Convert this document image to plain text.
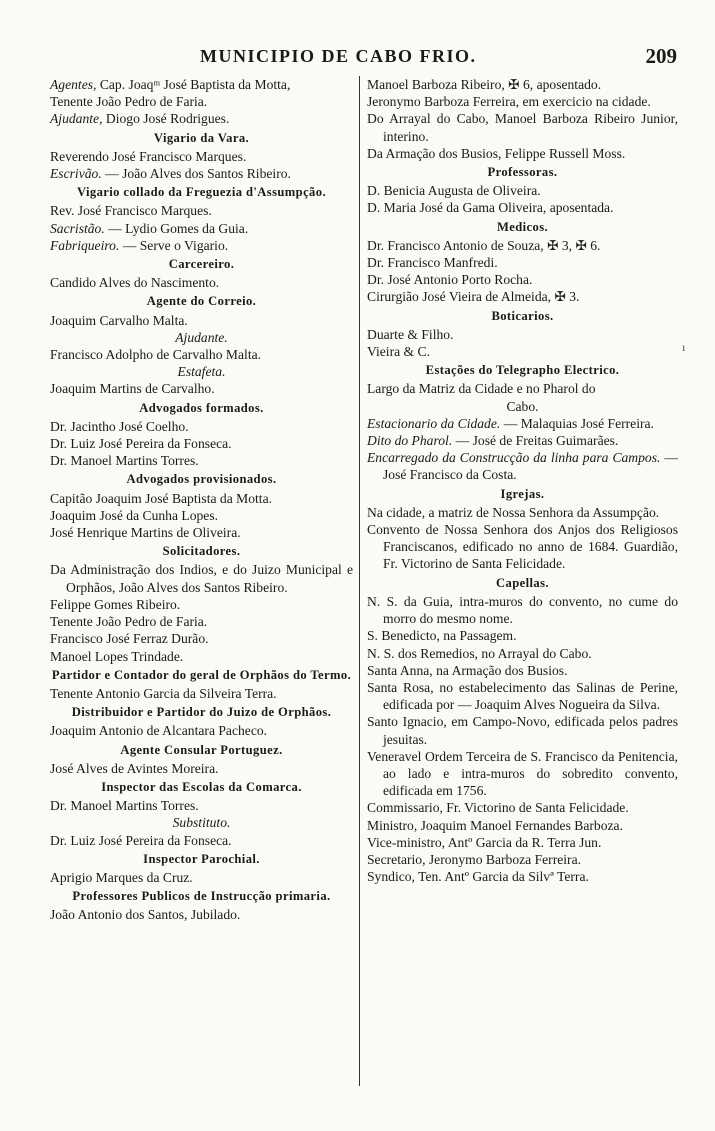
MUNICIPIO DE CABO FRIO.	209
Agentes, Cap. Joaqᵐ José Baptista da Motta,
Tenente João Pedro de Faria.
Ajudante, Diogo José Rodrigues.
Vigario da Vara.
Reverendo José Francisco Marques.
Escrivão. — João Alves dos Santos Ribeiro.
Vigario collado da Freguezia d'Assumpção.
Rev. José Francisco Marques.
Sacristão. — Lydio Gomes da Guia.
Fabriqueiro. — Serve o Vigario.
Carcereiro.
Candido Alves do Nascimento.
Agente do Correio.
Joaquim Carvalho Malta.
Ajudante.
Francisco Adolpho de Carvalho Malta.
Estafeta.
Joaquim Martins de Carvalho.
Advogados formados.
Dr. Jacintho José Coelho.
Dr. Luiz José Pereira da Fonseca.
Dr. Manoel Martins Torres.
Advogados provisionados.
Capitão Joaquim José Baptista da Motta.
Joaquim José da Cunha Lopes.
José Henrique Martins de Oliveira.
Solicitadores.
Da Administração dos Indios, e do Juizo Municipal e Orphãos, João Alves dos Santos Ribeiro.
Felippe Gomes Ribeiro.
Tenente João Pedro de Faria.
Francisco José Ferraz Durão.
Manoel Lopes Trindade.
Partidor e Contador do geral de Orphãos do Termo.
Tenente Antonio Garcia da Silveira Terra.
Distribuidor e Partidor do Juizo de Orphãos.
Joaquim Antonio de Alcantara Pacheco.
Agente Consular Portuguez.
José Alves de Avintes Moreira.
Inspector das Escolas da Comarca.
Dr. Manoel Martins Torres.
Substituto.
Dr. Luiz José Pereira da Fonseca.
Inspector Parochial.
Aprigio Marques da Cruz.
Professores Publicos de Instrucção primaria.
João Antonio dos Santos, Jubilado.
Manoel Barboza Ribeiro, ✠ 6, aposentado.
Jeronymo Barboza Ferreira, em exercicio na cidade.
Do Arrayal do Cabo, Manoel Barboza Ribeiro Junior, interino.
Da Armação dos Busios, Felippe Russell Moss.
Professoras.
D. Benicia Augusta de Oliveira.
D. Maria José da Gama Oliveira, aposentada.
Medicos.
Dr. Francisco Antonio de Souza, ✠ 3, ✠ 6.
Dr. Francisco Manfredi.
Dr. José Antonio Porto Rocha.
Cirurgião José Vieira de Almeida, ✠ 3.
Boticarios.
Duarte & Filho.
Vieira & C.
Estações do Telegrapho Electrico.
Largo da Matriz da Cidade e no Pharol do
Cabo.
Estacionario da Cidade. — Malaquias José Ferreira.
Dito do Pharol. — José de Freitas Guimarães.
Encarregado da Construcção da linha para Campos. — José Francisco da Costa.
Igrejas.
Na cidade, a matriz de Nossa Senhora da Assumpção.
Convento de Nossa Senhora dos Anjos dos Religiosos Franciscanos, edificado no anno de 1684. Guardião, Fr. Victorino de Santa Felicidade.
Capellas.
N. S. da Guia, intra-muros do convento, no cume do morro do mesmo nome.
S. Benedicto, na Passagem.
N. S. dos Remedios, no Arrayal do Cabo.
Santa Anna, na Armação dos Busios.
Santa Rosa, no estabelecimento das Salinas de Perine, edificada por — Joaquim Alves Nogueira da Silva.
Santo Ignacio, em Campo-Novo, edificada pelos padres jesuitas.
Veneravel Ordem Terceira de S. Francisco da Penitencia, ao lado e intra-muros do sobredito convento, edificada em 1756.
Commissario, Fr. Victorino de Santa Felicidade.
Ministro, Joaquim Manoel Fernandes Barboza.
Vice-ministro, Antº Garcia da R. Terra Jun.
Secretario, Jeronymo Barboza Ferreira.
Syndico, Ten. Antº Garcia da Silvª Terra.
ı
